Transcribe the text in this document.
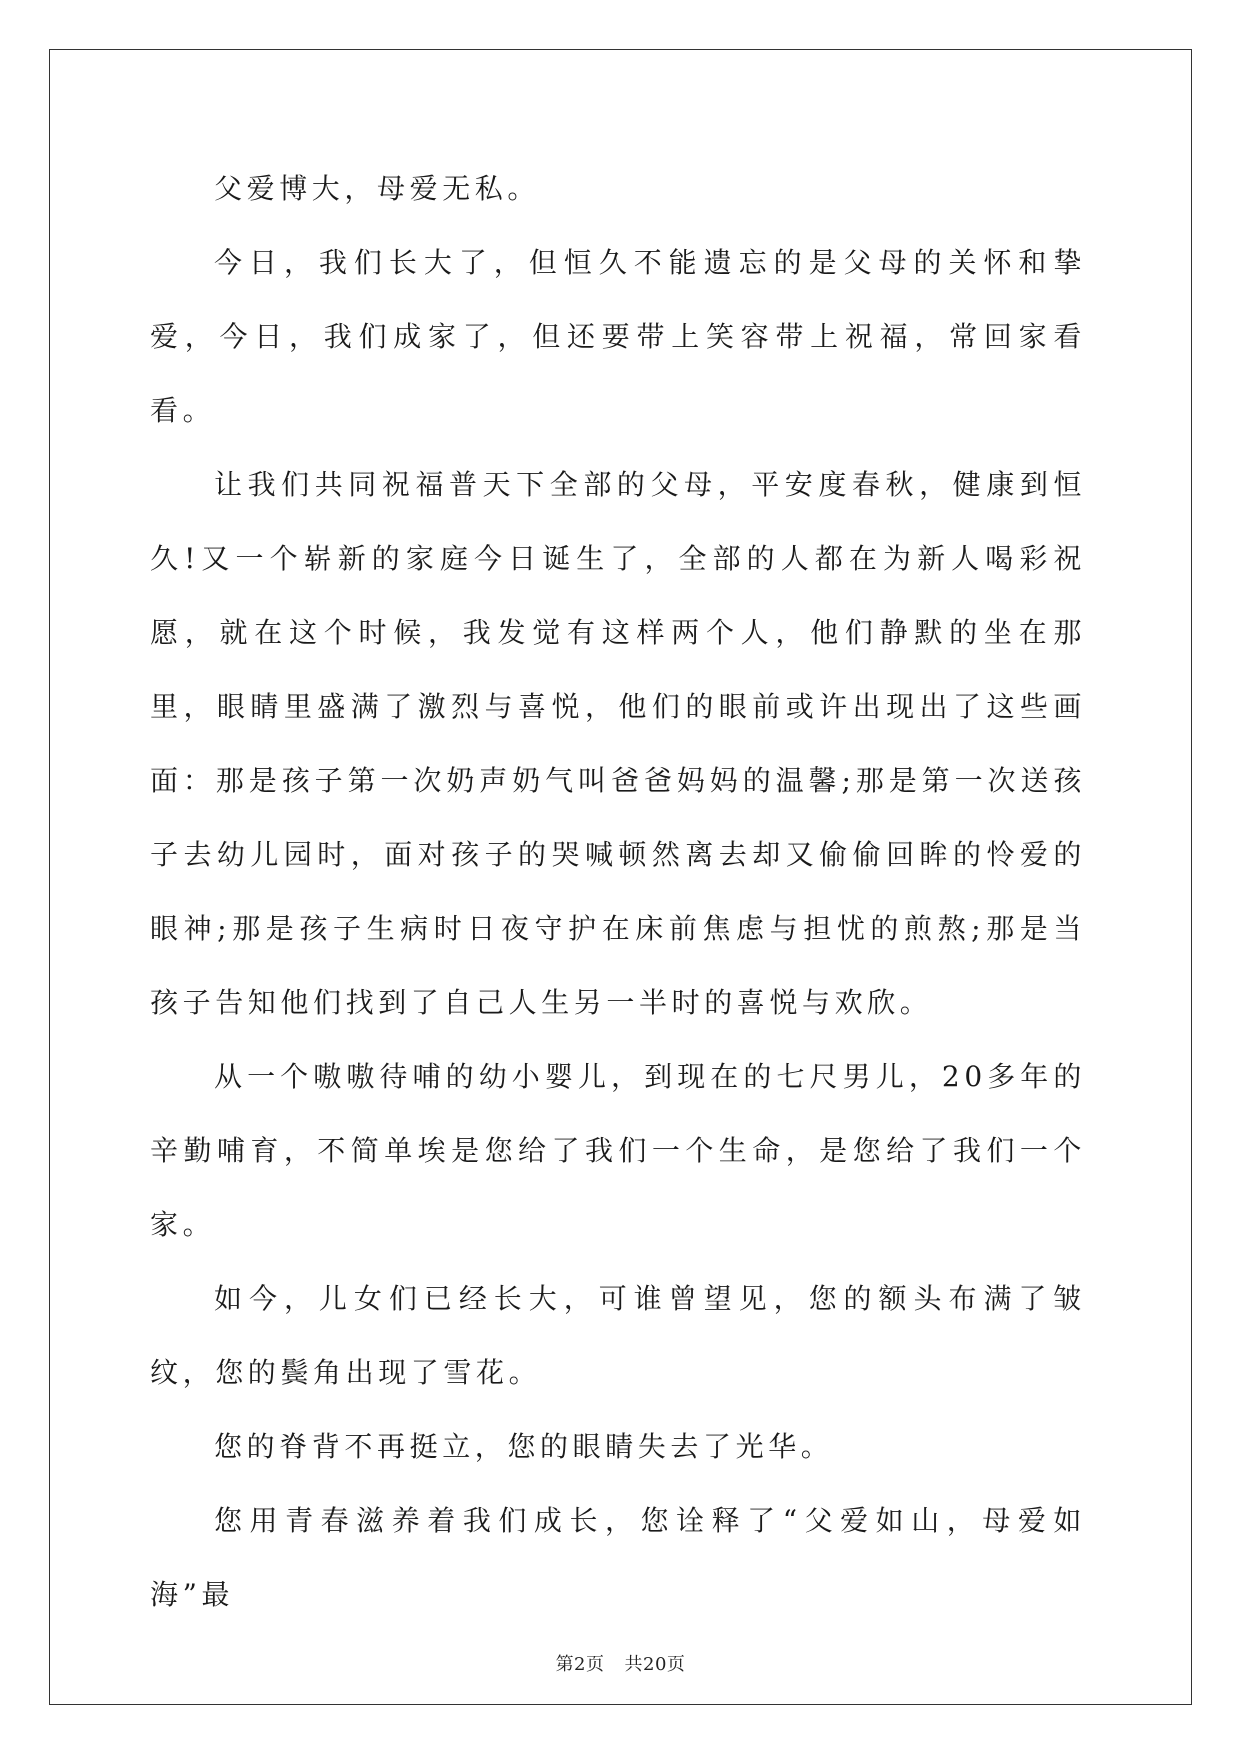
父爱博大，母爱无私。

今日，我们长大了，但恒久不能遗忘的是父母的关怀和挚爱，今日，我们成家了，但还要带上笑容带上祝福，常回家看看。

让我们共同祝福普天下全部的父母，平安度春秋，健康到恒久!又一个崭新的家庭今日诞生了，全部的人都在为新人喝彩祝愿，就在这个时候，我发觉有这样两个人，他们静默的坐在那里，眼睛里盛满了激烈与喜悦，他们的眼前或许出现出了这些画面：那是孩子第一次奶声奶气叫爸爸妈妈的温馨;那是第一次送孩子去幼儿园时，面对孩子的哭喊顿然离去却又偷偷回眸的怜爱的眼神;那是孩子生病时日夜守护在床前焦虑与担忧的煎熬;那是当孩子告知他们找到了自己人生另一半时的喜悦与欢欣。

从一个嗷嗷待哺的幼小婴儿，到现在的七尺男儿，20多年的辛勤哺育，不简单埃是您给了我们一个生命，是您给了我们一个家。

如今，儿女们已经长大，可谁曾望见，您的额头布满了皱纹，您的鬓角出现了雪花。

您的脊背不再挺立，您的眼睛失去了光华。

您用青春滋养着我们成长，您诠释了“父爱如山，母爱如海”最

第2页 共20页
